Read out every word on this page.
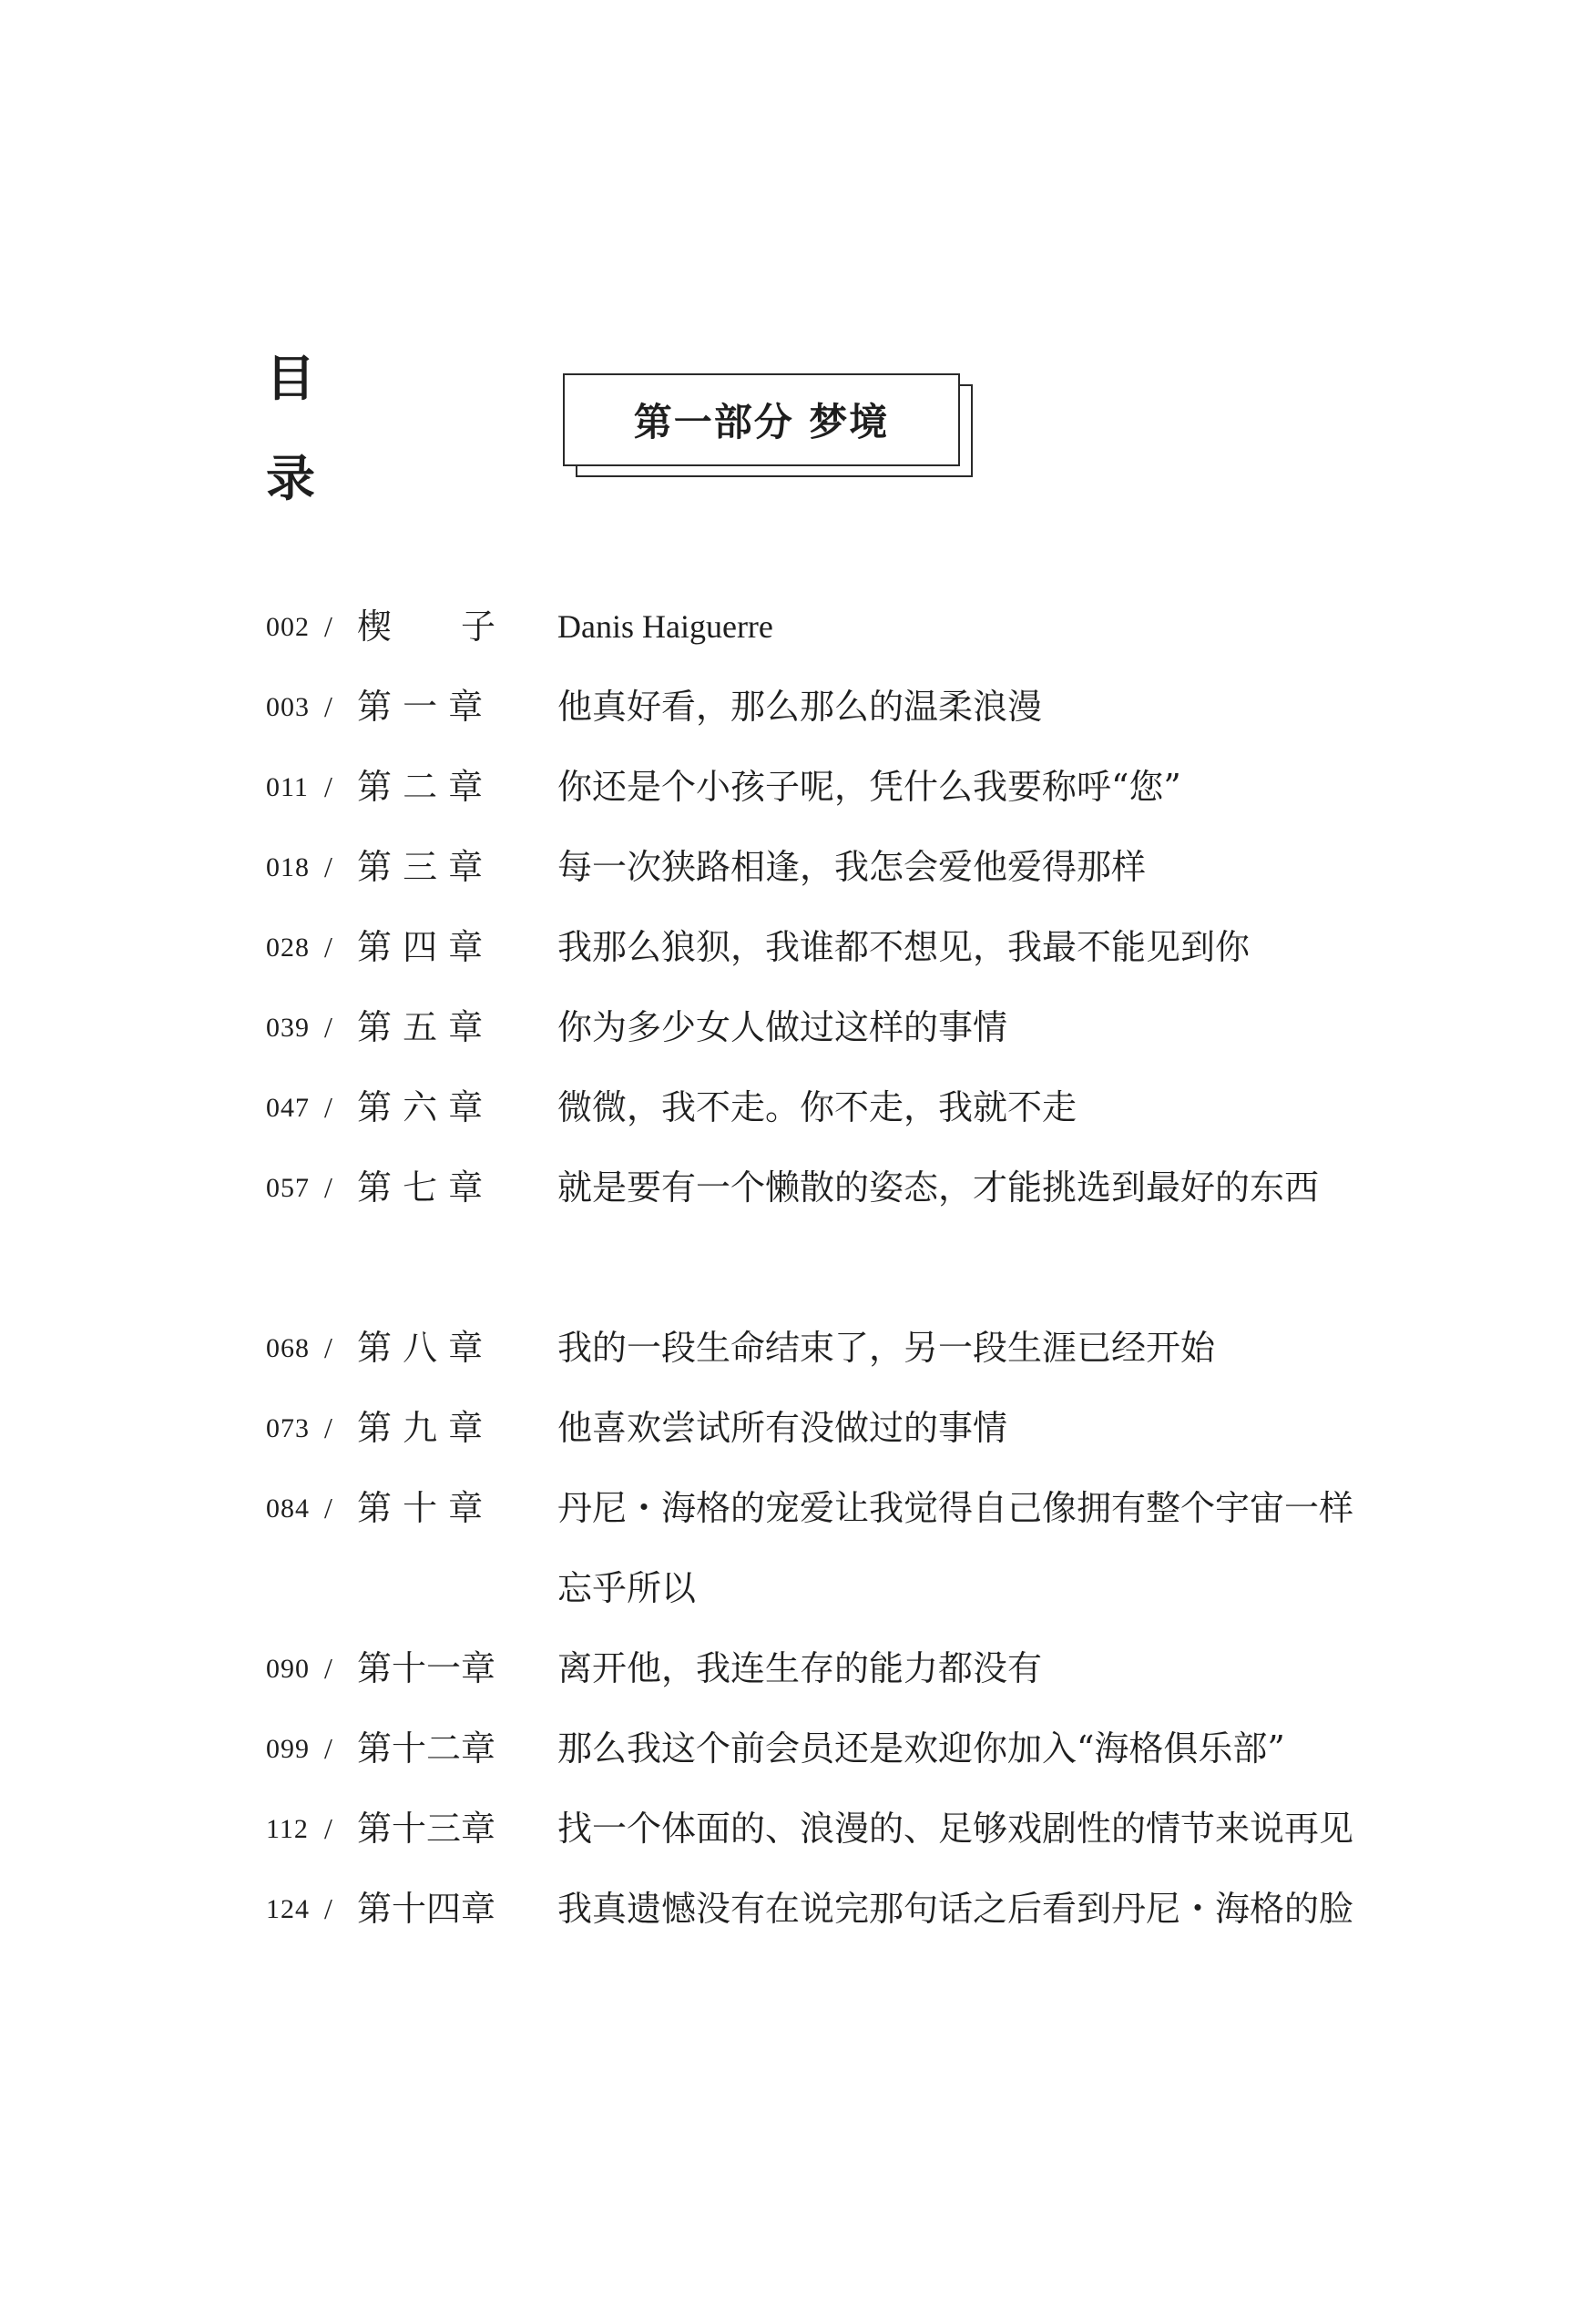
目
录
第一部分 梦境
002 / 楔　　子 Danis Haiguerre
003 / 第 一 章 他真好看，那么那么的温柔浪漫
011 / 第 二 章 你还是个小孩子呢，凭什么我要称呼“您”
018 / 第 三 章 每一次狭路相逢，我怎会爱他爱得那样
028 / 第 四 章 我那么狼狈，我谁都不想见，我最不能见到你
039 / 第 五 章 你为多少女人做过这样的事情
047 / 第 六 章 微微，我不走。你不走，我就不走
057 / 第 七 章 就是要有一个懒散的姿态，才能挑选到最好的东西
068 / 第 八 章 我的一段生命结束了，另一段生涯已经开始
073 / 第 九 章 他喜欢尝试所有没做过的事情
084 / 第 十 章 丹尼・海格的宠爱让我觉得自己像拥有整个宇宙一样
忘乎所以
090 / 第十一章 离开他，我连生存的能力都没有
099 / 第十二章 那么我这个前会员还是欢迎你加入“海格俱乐部”
112 / 第十三章 找一个体面的、浪漫的、足够戏剧性的情节来说再见
124 / 第十四章 我真遗憾没有在说完那句话之后看到丹尼・海格的脸
